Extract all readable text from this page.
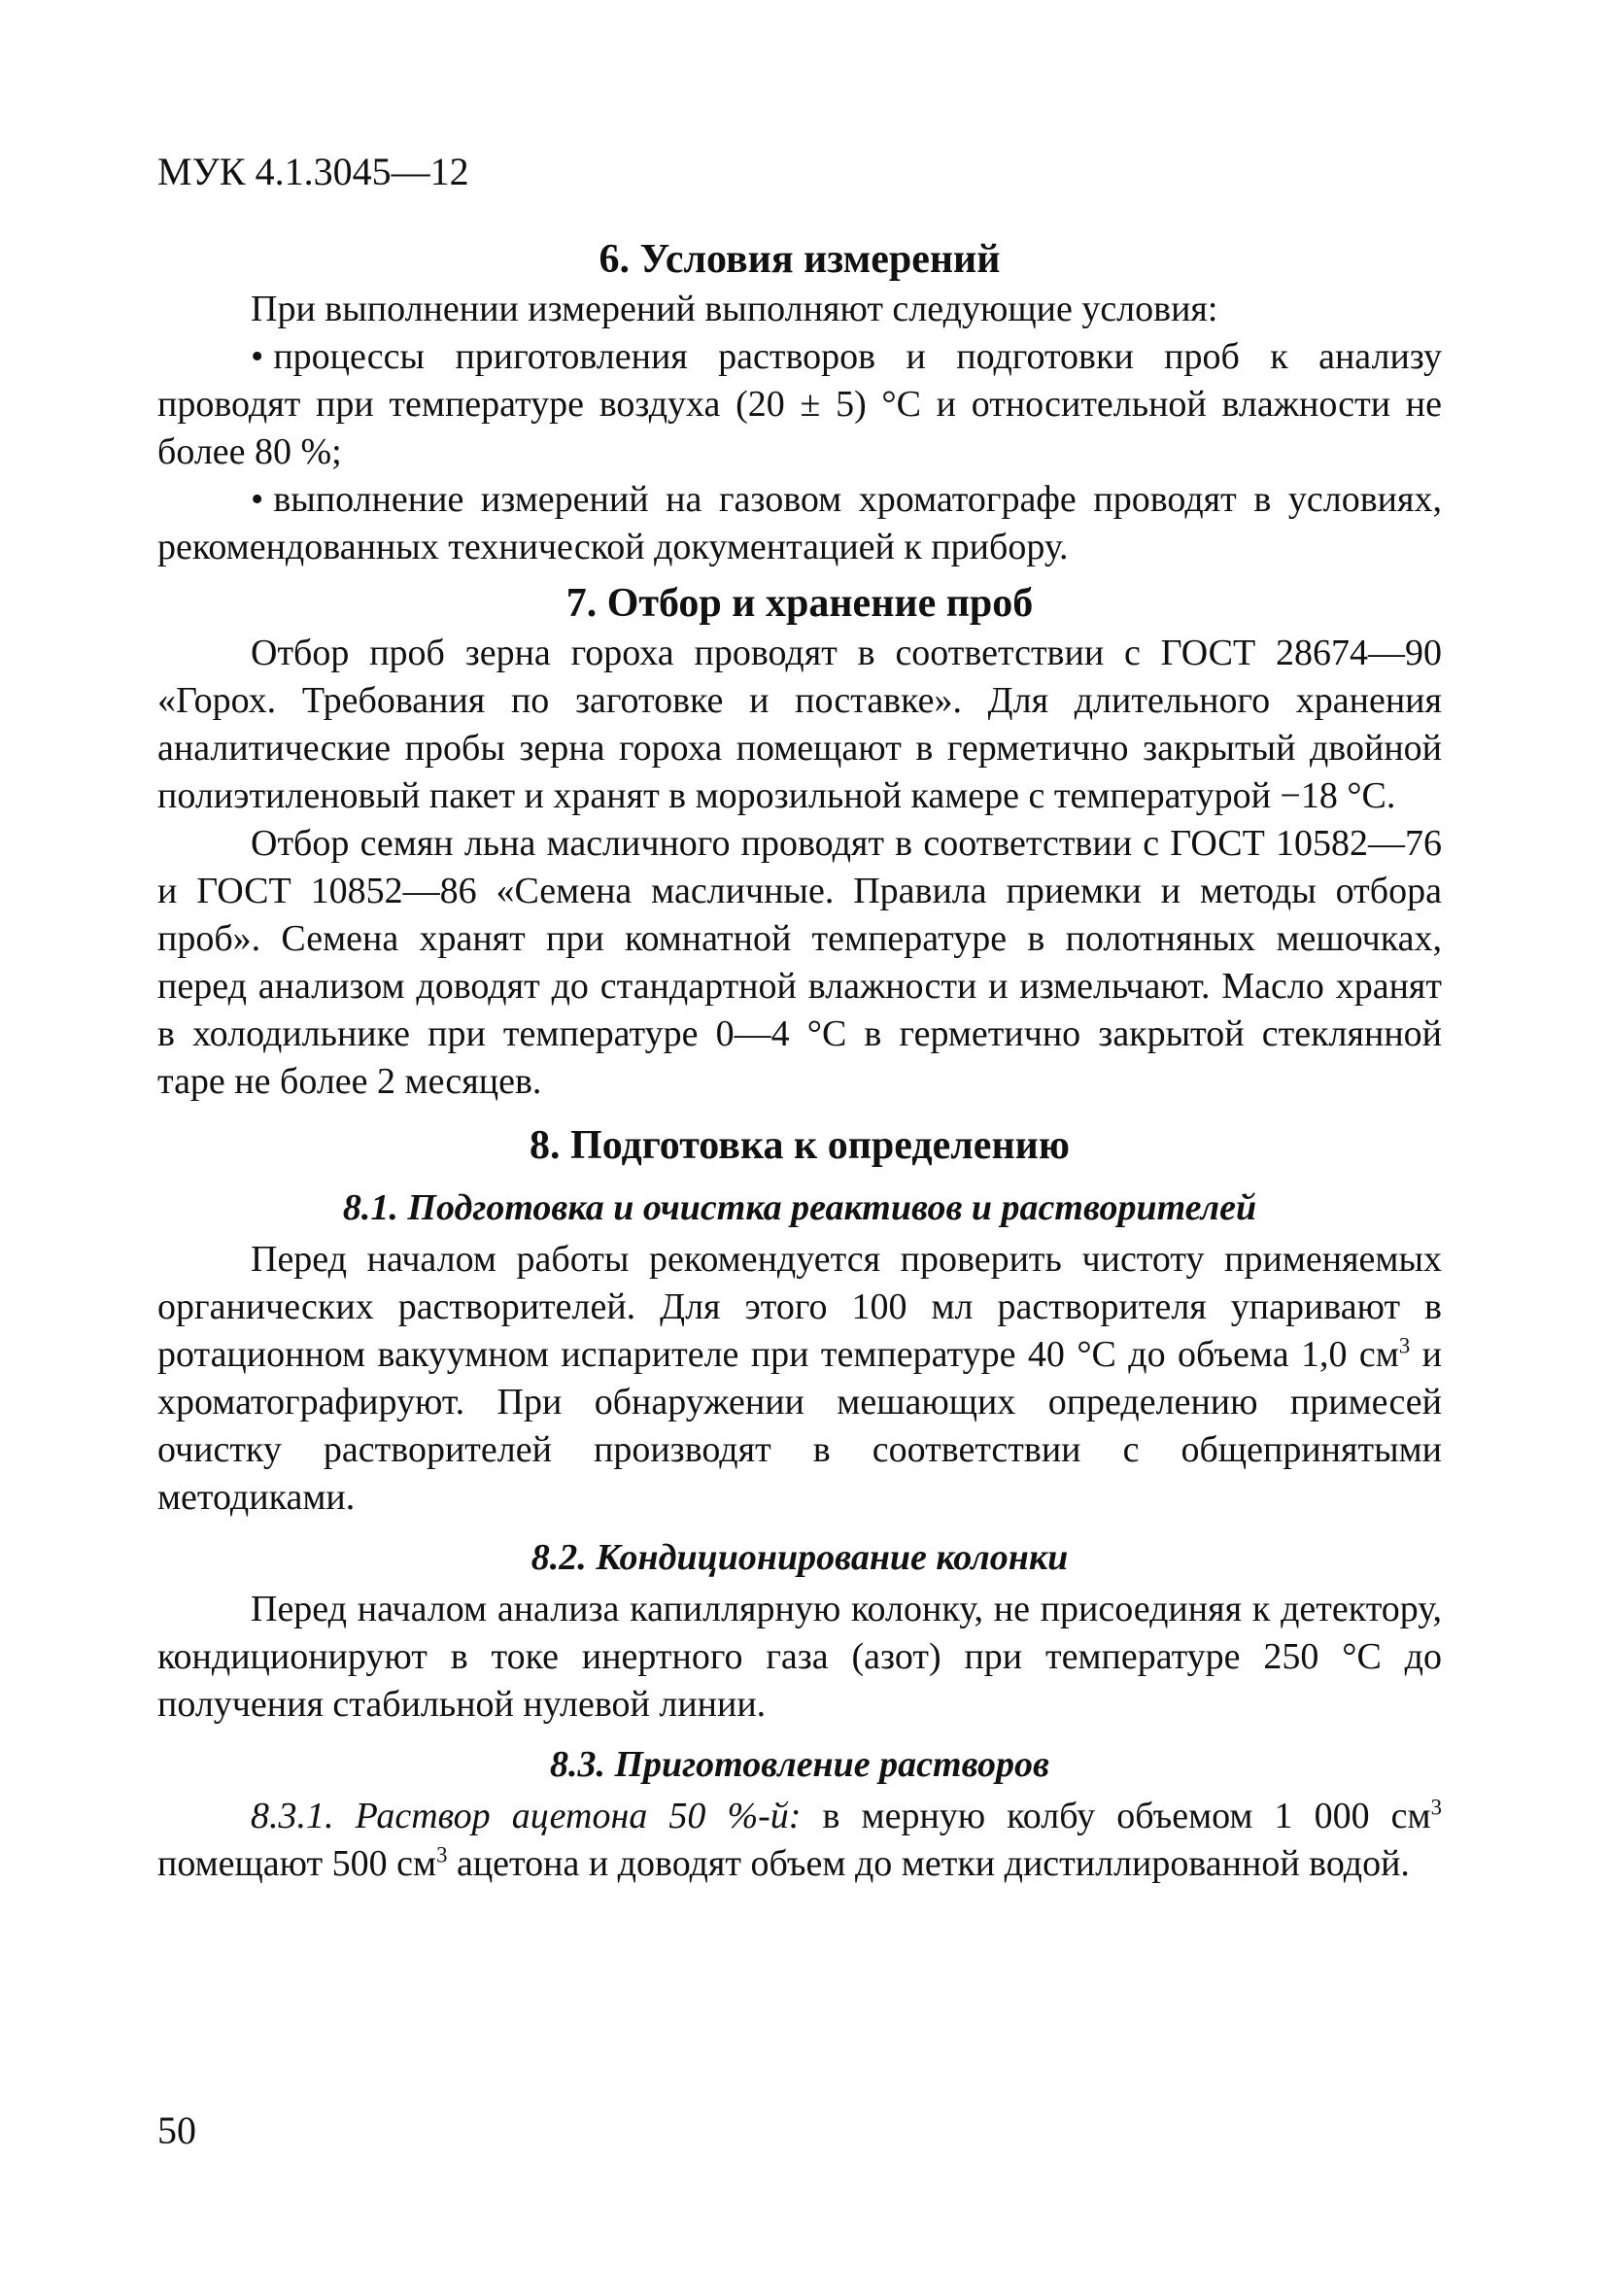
МУК 4.1.3045—12
6. Условия измерений

При выполнении измерений выполняют следующие условия:

• процессы приготовления растворов и подготовки проб к анализу проводят при температуре воздуха (20 ± 5) °С и относительной влажности не более 80 %;

• выполнение измерений на газовом хроматографе проводят в условиях, рекомендованных технической документацией к прибору.

7. Отбор и хранение проб

Отбор проб зерна гороха проводят в соответствии с ГОСТ 28674—90 «Горох. Требования по заготовке и поставке». Для длительного хранения аналитические пробы зерна гороха помещают в герметично закрытый двойной полиэтиленовый пакет и хранят в морозильной камере с температурой −18 °С.

Отбор семян льна масличного проводят в соответствии с ГОСТ 10582—76 и ГОСТ 10852—86 «Семена масличные. Правила приемки и методы отбора проб». Семена хранят при комнатной температуре в полотняных мешочках, перед анализом доводят до стандартной влажности и измельчают. Масло хранят в холодильнике при температуре 0—4 °С в герметично закрытой стеклянной таре не более 2 месяцев.

8. Подготовка к определению
8.1. Подготовка и очистка реактивов и растворителей

Перед началом работы рекомендуется проверить чистоту применяемых органических растворителей. Для этого 100 мл растворителя упаривают в ротационном вакуумном испарителе при температуре 40 °С до объема 1,0 $см^3$ и хроматографируют. При обнаружении мешающих определению примесей очистку растворителей производят в соответствии с общепринятыми методиками.

8.2. Кондиционирование колонки

Перед началом анализа капиллярную колонку, не присоединяя к детектору, кондиционируют в токе инертного газа (азот) при температуре 250 °С до получения стабильной нулевой линии.

8.3. Приготовление растворов

8.3.1. Раствор ацетона 50 %-й: в мерную колбу объемом 1 000 $см^3$ помещают 500 $см^3$ ацетона и доводят объем до метки дистиллированной водой.

50
